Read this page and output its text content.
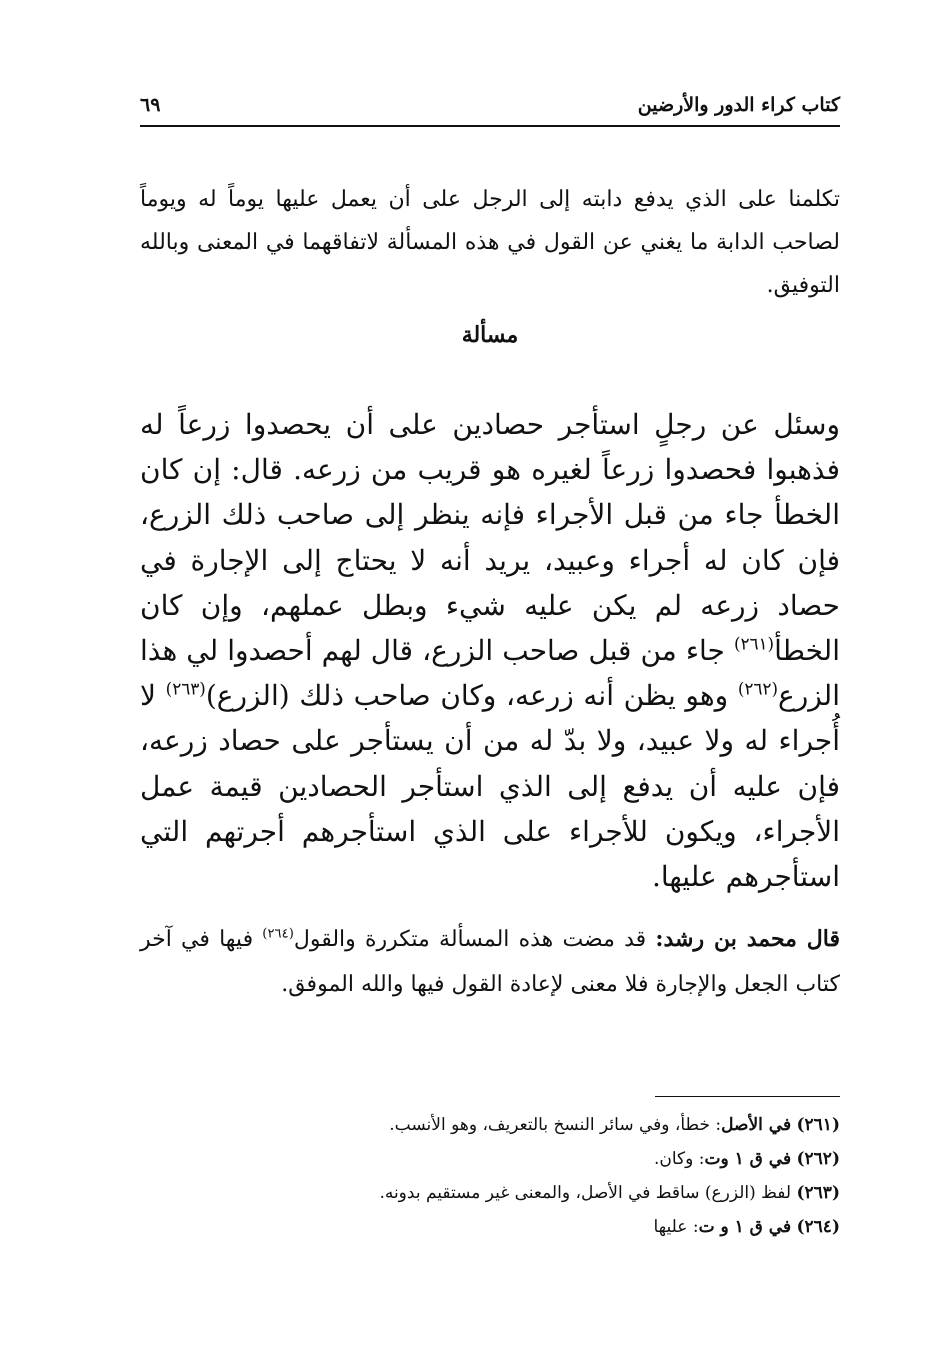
كتاب كراء الدور والأرضين
٦٩

تكلمنا على الذي يدفع دابته إلى الرجل على أن يعمل عليها يوماً له ويوماً لصاحب الدابة ما يغني عن القول في هذه المسألة لاتفاقهما في المعنى وبالله التوفيق.

مسألة

وسئل عن رجلٍ استأجر حصادين على أن يحصدوا زرعاً له فذهبوا فحصدوا زرعاً لغيره هو قريب من زرعه. قال: إن كان الخطأ جاء من قبل الأجراء فإنه ينظر إلى صاحب ذلك الزرع، فإن كان له أجراء وعبيد، يريد أنه لا يحتاج إلى الإجارة في حصاد زرعه لم يكن عليه شيء وبطل عملهم، وإن كان الخطأ$^{(٢٦١)}$ جاء من قبل صاحب الزرع، قال لهم أحصدوا لي هذا الزرع$^{(٢٦٢)}$ وهو يظن أنه زرعه، وكان صاحب ذلك (الزرع)$^{(٢٦٣)}$ لا أُجراء له ولا عبيد، ولا بدّ له من أن يستأجر على حصاد زرعه، فإن عليه أن يدفع إلى الذي استأجر الحصادين قيمة عمل الأجراء، ويكون للأجراء على الذي استأجرهم أجرتهم التي استأجرهم عليها.

قال محمد بن رشد: قد مضت هذه المسألة متكررة والقول$^{(٢٦٤)}$ فيها في آخر كتاب الجعل والإجارة فلا معنى لإعادة القول فيها والله الموفق.

(٢٦١) في الأصل: خطأ، وفي سائر النسخ بالتعريف، وهو الأنسب.
(٢٦٢) في ق ١ وت: وكان.
(٢٦٣) لفظ (الزرع) ساقط في الأصل، والمعنى غير مستقيم بدونه.
(٢٦٤) في ق ١ و ت: عليها
